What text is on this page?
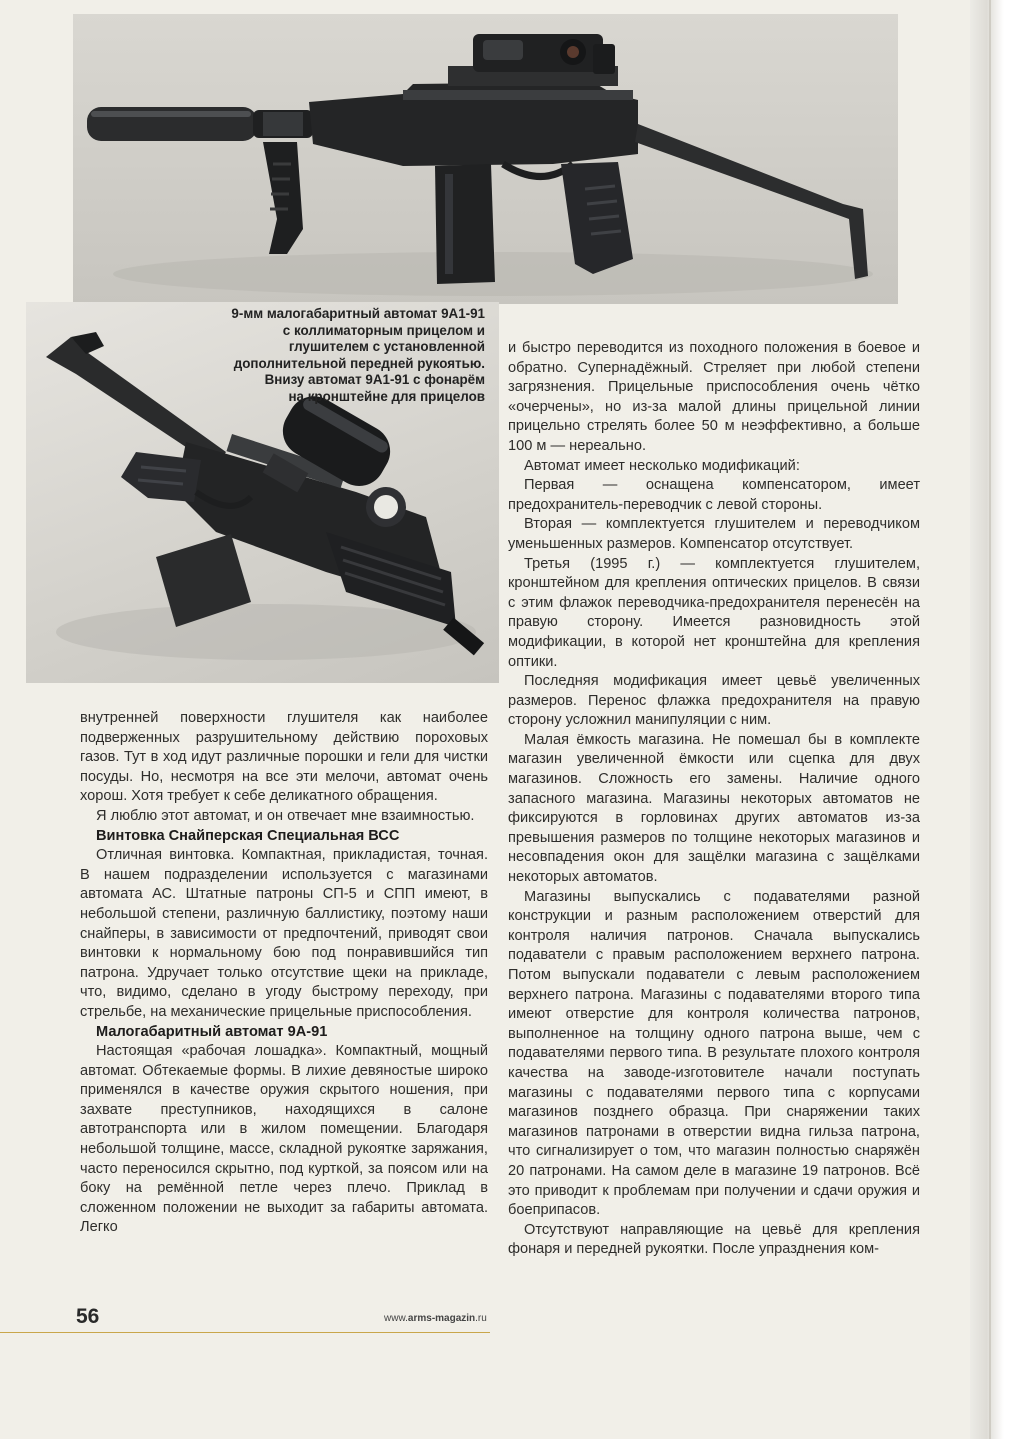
9-мм малогабаритный автомат 9А1-91
с коллиматорным прицелом и
глушителем с установленной
дополнительной передней рукоятью.
Внизу автомат 9А1-91 с фонарём
на кронштейне для прицелов

внутренней поверхности глушителя как наиболее подверженных разрушительному действию пороховых газов. Тут в ход идут различные порошки и гели для чистки посуды. Но, несмотря на все эти мелочи, автомат очень хорош. Хотя требует к себе деликатного обращения.

Я люблю этот автомат, и он отвечает мне взаимностью.

Винтовка Снайперская Специальная ВСС

Отличная винтовка. Компактная, прикладистая, точная. В нашем подразделении используется с магазинами автомата АС. Штатные патроны СП-5 и СПП имеют, в небольшой степени, различную баллистику, поэтому наши снайперы, в зависимости от предпочтений, приводят свои винтовки к нормальному бою под понравившийся тип патрона. Удручает только отсутствие щеки на прикладе, что, видимо, сделано в угоду быстрому переходу, при стрельбе, на механические прицельные приспособления.

Малогабаритный автомат 9А-91

Настоящая «рабочая лошадка». Компактный, мощный автомат. Обтекаемые формы. В лихие девяностые широко применялся в качестве оружия скрытого ношения, при захвате преступников, находящихся в салоне автотранспорта или в жилом помещении. Благодаря небольшой толщине, массе, складной рукоятке заряжания, часто переносился скрытно, под курткой, за поясом или на боку на ремённой петле через плечо. Приклад в сложенном положении не выходит за габариты автомата. Легко

и быстро переводится из походного положения в боевое и обратно. Супернадёжный. Стреляет при любой степени загрязнения. Прицельные приспособления очень чётко «очерчены», но из-за малой длины прицельной линии прицельно стрелять более 50 м неэффективно, а больше 100 м — нереально.

Автомат имеет несколько модификаций:

Первая — оснащена компенсатором, имеет предохранитель-переводчик с левой стороны.

Вторая — комплектуется глушителем и переводчиком уменьшенных размеров. Компенсатор отсутствует.

Третья (1995 г.) — комплектуется глушителем, кронштейном для крепления оптических прицелов. В связи с этим флажок переводчика-предохранителя перенесён на правую сторону. Имеется разновидность этой модификации, в которой нет кронштейна для крепления оптики.

Последняя модификация имеет цевьё увеличенных размеров. Перенос флажка предохранителя на правую сторону усложнил манипуляции с ним.

Малая ёмкость магазина. Не помешал бы в комплекте магазин увеличенной ёмкости или сцепка для двух магазинов. Сложность его замены. Наличие одного запасного магазина. Магазины некоторых автоматов не фиксируются в горловинах других автоматов из-за превышения размеров по толщине некоторых магазинов и несовпадения окон для защёлки магазина с защёлками некоторых автоматов.

Магазины выпускались с подавателями разной конструкции и разным расположением отверстий для контроля наличия патронов. Сначала выпускались подаватели с правым расположением верхнего патрона. Потом выпускали подаватели с левым расположением верхнего патрона. Магазины с подавателями второго типа имеют отверстие для контроля количества патронов, выполненное на толщину одного патрона выше, чем с подавателями первого типа. В результате плохого контроля качества на заводе-изготовителе начали поступать магазины с подавателями первого типа с корпусами магазинов позднего образца. При снаряжении таких магазинов патронами в отверстии видна гильза патрона, что сигнализирует о том, что магазин полностью снаряжён 20 патронами. На самом деле в магазине 19 патронов. Всё это приводит к проблемам при получении и сдачи оружия и боеприпасов.

Отсутствуют направляющие на цевьё для крепления фонаря и передней рукоятки. После упразднения ком-

56	www.arms-magazin.ru
